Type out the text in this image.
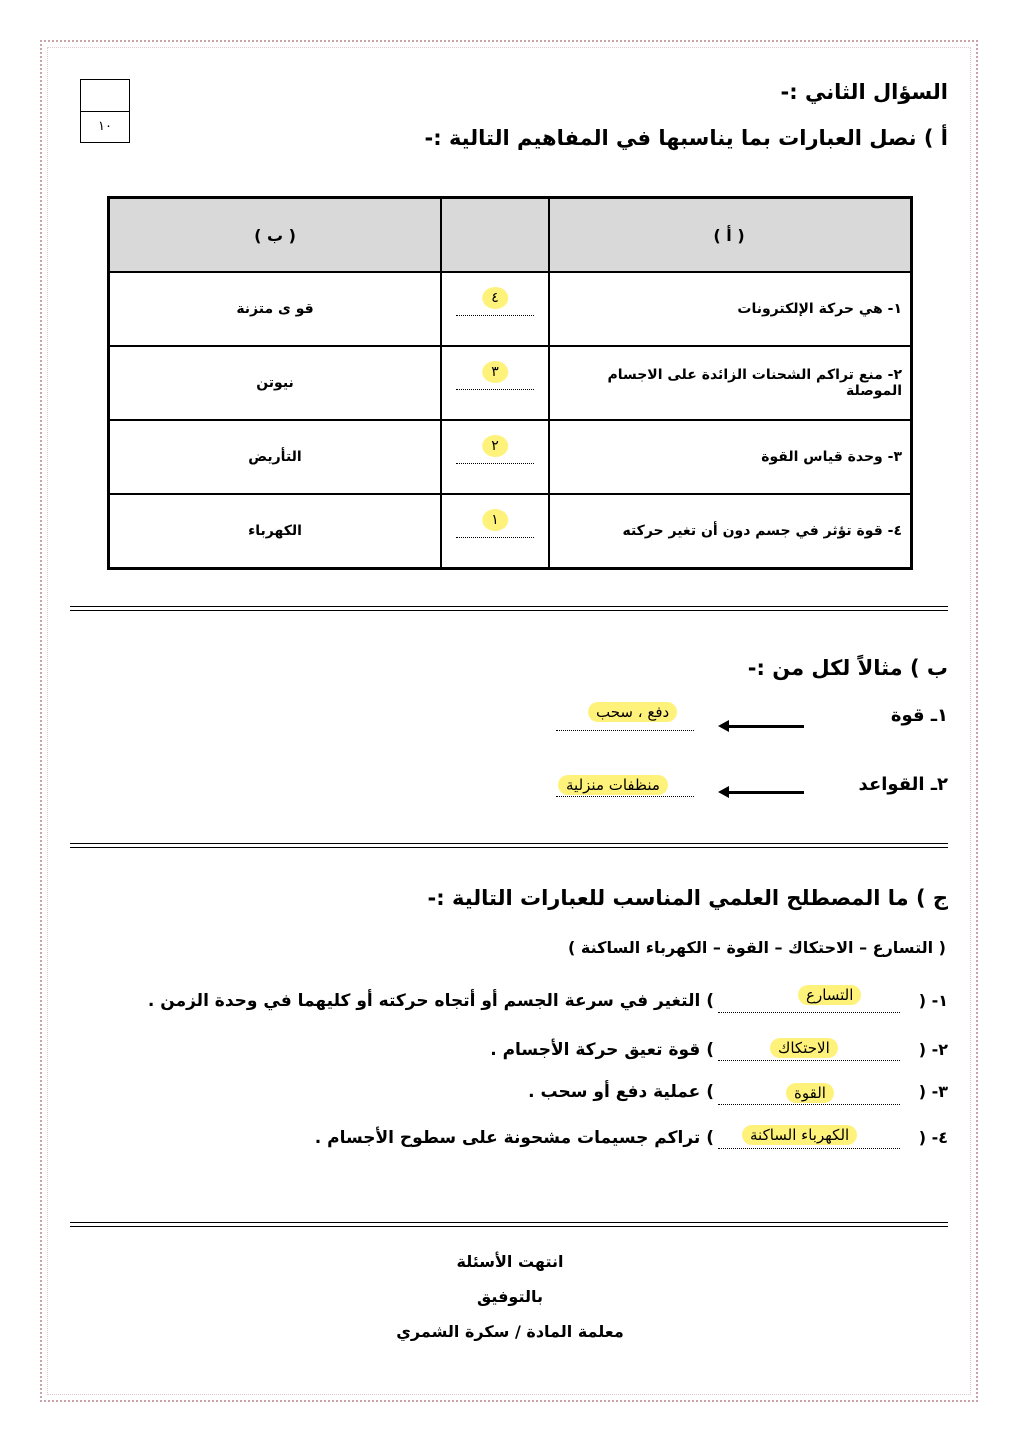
١٠
السؤال الثاني :-
أ ) نصل العبارات بما يناسبها في المفاهيم التالية :-
( ب )		( أ )
قو ى متزنة	٤	١- هي حركة الإلكترونات
نيوتن	٣	٢- منع تراكم الشحنات الزائدة على الاجسام الموصلة
التأريض	٢	٣- وحدة قياس القوة
الكهرباء	١	٤- قوة تؤثر في جسم دون أن تغير حركته
ب ) مثالاً لكل من :-
١ـ قوة
دفع ، سحب
٢ـ القواعد
منظفات منزلية
ج ) ما المصطلح العلمي المناسب للعبارات التالية :-
( التسارع – الاحتكاك – القوة – الكهرباء الساكنة )
١- (
التسارع
) التغير في سرعة الجسم أو أتجاه حركته أو كليهما في وحدة الزمن .
٢- (
الاحتكاك
) قوة تعيق حركة الأجسام .
٣- (
القوة
) عملية دفع أو سحب .
٤- (
الكهرباء الساكنة
) تراكم جسيمات مشحونة على سطوح الأجسام .
انتهت الأسئلة
بالتوفيق
معلمة المادة / سكرة الشمري
